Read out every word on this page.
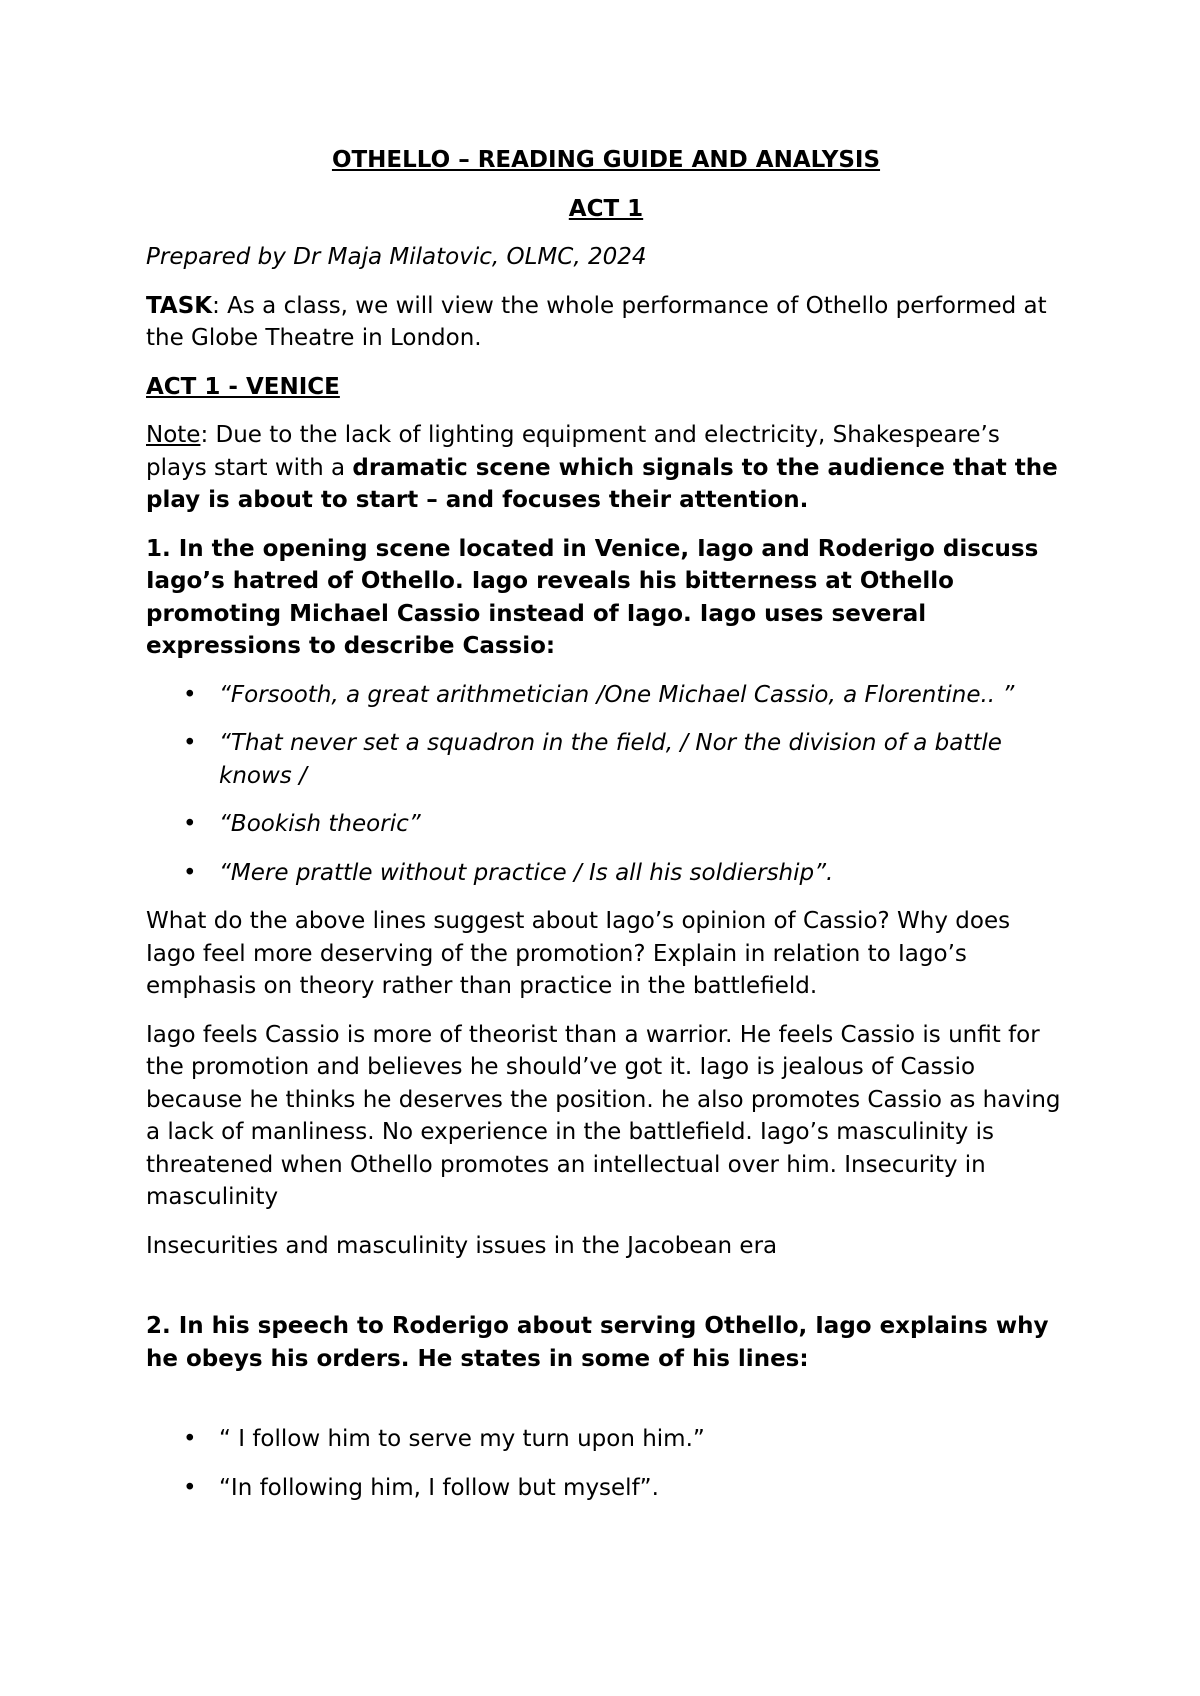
OTHELLO – READING GUIDE AND ANALYSIS

ACT 1

Prepared by Dr Maja Milatovic, OLMC, 2024

TASK: As a class, we will view the whole performance of Othello performed at the Globe Theatre in London.

ACT 1 - VENICE

Note: Due to the lack of lighting equipment and electricity, Shakespeare’s plays start with a dramatic scene which signals to the audience that the play is about to start – and focuses their attention.

1. In the opening scene located in Venice, Iago and Roderigo discuss Iago’s hatred of Othello. Iago reveals his bitterness at Othello promoting Michael Cassio instead of Iago. Iago uses several expressions to describe Cassio:

• “Forsooth, a great arithmetician /One Michael Cassio, a Florentine.. ”
• “That never set a squadron in the field, / Nor the division of a battle knows /
• “Bookish theoric”
• “Mere prattle without practice / Is all his soldiership”.

What do the above lines suggest about Iago’s opinion of Cassio? Why does Iago feel more deserving of the promotion? Explain in relation to Iago’s emphasis on theory rather than practice in the battlefield.

Iago feels Cassio is more of theorist than a warrior. He feels Cassio is unfit for the promotion and believes he should’ve got it. Iago is jealous of Cassio because he thinks he deserves the position. he also promotes Cassio as having a lack of manliness. No experience in the battlefield. Iago’s masculinity is threatened when Othello promotes an intellectual over him. Insecurity in masculinity

Insecurities and masculinity issues in the Jacobean era

2. In his speech to Roderigo about serving Othello, Iago explains why he obeys his orders. He states in some of his lines:

• “ I follow him to serve my turn upon him.”
• “In following him, I follow but myself”.
